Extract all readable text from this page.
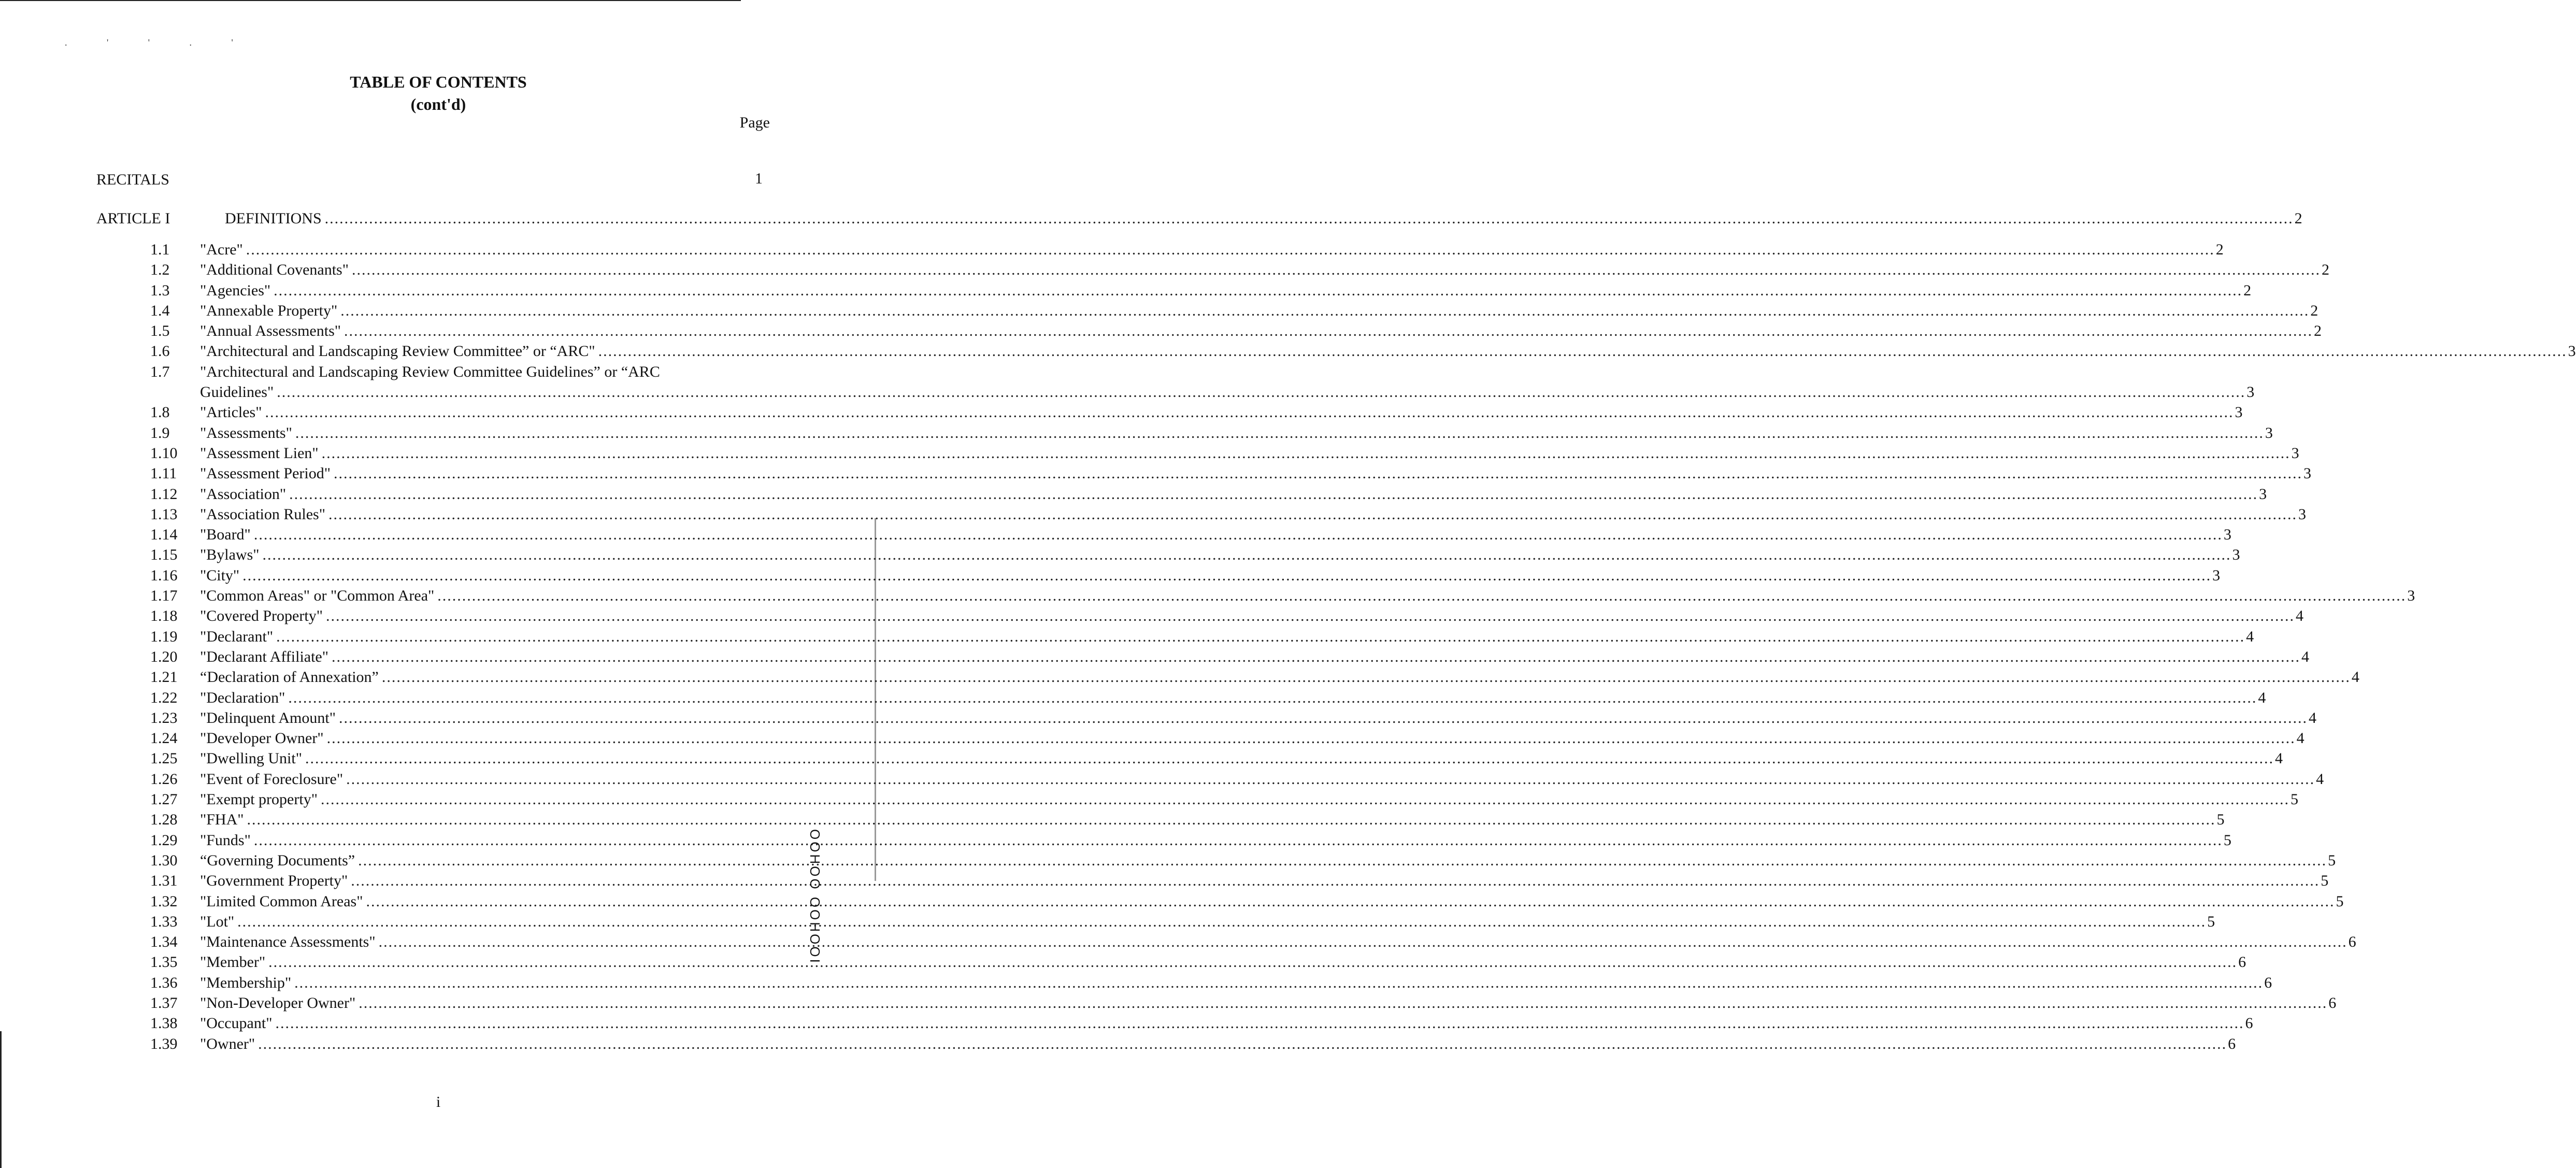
. ' ' . '
TABLE OF CONTENTS
(cont'd)
Page
RECITALS	1
ARTICLE I	DEFINITIONS ................................................................................................................................................................................................................................................................................................................................................................................................................ 2
1.1 "Acre" ................................................................................................................................................................................................................................................................................................................................................................................................................ 2
1.2 "Additional Covenants" ................................................................................................................................................................................................................................................................................................................................................................................................................ 2
1.3 "Agencies" ................................................................................................................................................................................................................................................................................................................................................................................................................ 2
1.4 "Annexable Property" ................................................................................................................................................................................................................................................................................................................................................................................................................ 2
1.5 "Annual Assessments" ................................................................................................................................................................................................................................................................................................................................................................................................................ 2
1.6 "Architectural and Landscaping Review Committee” or “ARC" ................................................................................................................................................................................................................................................................................................................................................................................................................ 3
1.7 "Architectural and Landscaping Review Committee Guidelines” or “ARC
Guidelines" ................................................................................................................................................................................................................................................................................................................................................................................................................ 3
1.8 "Articles" ................................................................................................................................................................................................................................................................................................................................................................................................................ 3
1.9 "Assessments" ................................................................................................................................................................................................................................................................................................................................................................................................................ 3
1.10 "Assessment Lien" ................................................................................................................................................................................................................................................................................................................................................................................................................ 3
1.11 "Assessment Period" ................................................................................................................................................................................................................................................................................................................................................................................................................ 3
1.12 "Association" ................................................................................................................................................................................................................................................................................................................................................................................................................ 3
1.13 "Association Rules" ................................................................................................................................................................................................................................................................................................................................................................................................................ 3
1.14 "Board" ................................................................................................................................................................................................................................................................................................................................................................................................................ 3
1.15 "Bylaws" ................................................................................................................................................................................................................................................................................................................................................................................................................ 3
1.16 "City" ................................................................................................................................................................................................................................................................................................................................................................................................................ 3
1.17 "Common Areas" or "Common Area" ................................................................................................................................................................................................................................................................................................................................................................................................................ 3
1.18 "Covered Property" ................................................................................................................................................................................................................................................................................................................................................................................................................ 4
1.19 "Declarant" ................................................................................................................................................................................................................................................................................................................................................................................................................ 4
1.20 "Declarant Affiliate" ................................................................................................................................................................................................................................................................................................................................................................................................................ 4
1.21 “Declaration of Annexation” ................................................................................................................................................................................................................................................................................................................................................................................................................ 4
1.22 "Declaration" ................................................................................................................................................................................................................................................................................................................................................................................................................ 4
1.23 "Delinquent Amount" ................................................................................................................................................................................................................................................................................................................................................................................................................ 4
1.24 "Developer Owner" ................................................................................................................................................................................................................................................................................................................................................................................................................ 4
1.25 "Dwelling Unit" ................................................................................................................................................................................................................................................................................................................................................................................................................ 4
1.26 "Event of Foreclosure" ................................................................................................................................................................................................................................................................................................................................................................................................................ 4
1.27 "Exempt property" ................................................................................................................................................................................................................................................................................................................................................................................................................ 5
1.28 "FHA" ................................................................................................................................................................................................................................................................................................................................................................................................................ 5
1.29 "Funds" ................................................................................................................................................................................................................................................................................................................................................................................................................ 5
1.30 “Governing Documents” ................................................................................................................................................................................................................................................................................................................................................................................................................ 5
1.31 "Government Property" ................................................................................................................................................................................................................................................................................................................................................................................................................ 5
1.32 "Limited Common Areas" ................................................................................................................................................................................................................................................................................................................................................................................................................ 5
1.33 "Lot" ................................................................................................................................................................................................................................................................................................................................................................................................................ 5
1.34 "Maintenance Assessments" ................................................................................................................................................................................................................................................................................................................................................................................................................ 6
1.35 "Member" ................................................................................................................................................................................................................................................................................................................................................................................................................ 6
1.36 "Membership" ................................................................................................................................................................................................................................................................................................................................................................................................................ 6
1.37 "Non-Developer Owner" ................................................................................................................................................................................................................................................................................................................................................................................................................ 6
1.38 "Occupant" ................................................................................................................................................................................................................................................................................................................................................................................................................ 6
1.39 "Owner" ................................................................................................................................................................................................................................................................................................................................................................................................................ 6
i
OOHOO OOHOOI
